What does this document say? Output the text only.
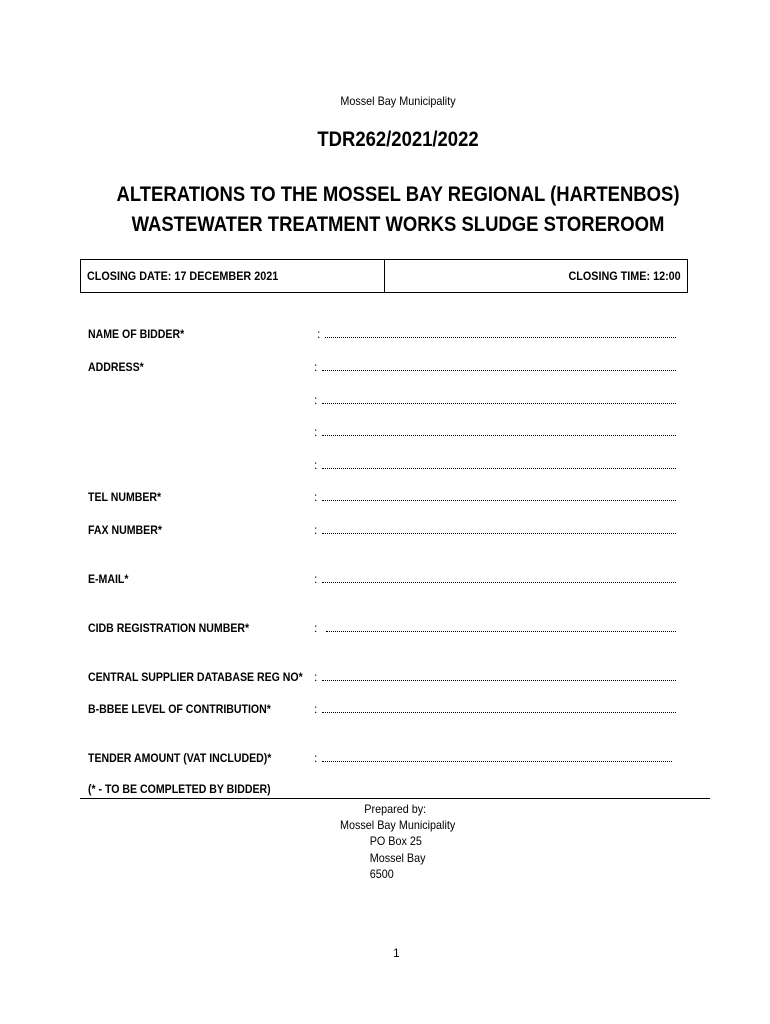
Mossel Bay Municipality
TDR262/2021/2022
ALTERATIONS TO THE MOSSEL BAY REGIONAL (HARTENBOS)
WASTEWATER TREATMENT WORKS SLUDGE STOREROOM
CLOSING DATE: 17 DECEMBER 2021	CLOSING TIME: 12:00
NAME OF BIDDER*	:
ADDRESS*	:
:
:
:
TEL NUMBER*	:
FAX NUMBER*	:
E-MAIL*	:
CIDB REGISTRATION NUMBER*	:
CENTRAL SUPPLIER DATABASE REG NO* :
B-BBEE LEVEL OF CONTRIBUTION*	:
TENDER AMOUNT (VAT INCLUDED)*	:
(* - TO BE COMPLETED BY BIDDER)
Prepared by:
Mossel Bay Municipality
PO Box 25
Mossel Bay
6500
1
